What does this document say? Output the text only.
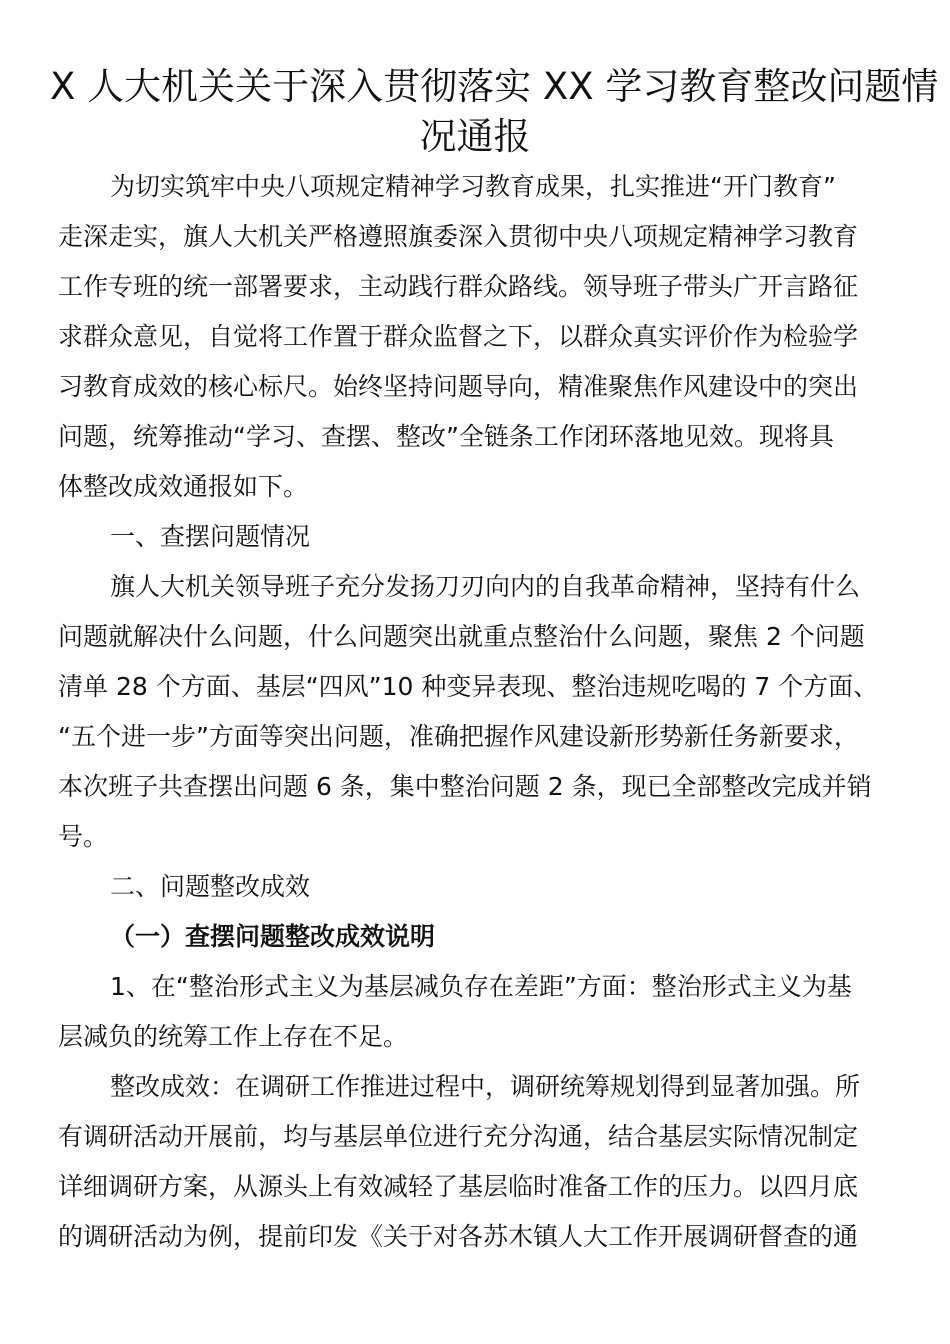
X 人大机关关于深入贯彻落实 XX 学习教育整改问题情
况通报
为切实筑牢中央八项规定精神学习教育成果，扎实推进“开门教育”
走深走实，旗人大机关严格遵照旗委深入贯彻中央八项规定精神学习教育
工作专班的统一部署要求，主动践行群众路线。领导班子带头广开言路征
求群众意见，自觉将工作置于群众监督之下，以群众真实评价作为检验学
习教育成效的核心标尺。始终坚持问题导向，精准聚焦作风建设中的突出
问题，统筹推动“学习、查摆、整改”全链条工作闭环落地见效。现将具
体整改成效通报如下。
一、查摆问题情况
旗人大机关领导班子充分发扬刀刃向内的自我革命精神，坚持有什么
问题就解决什么问题，什么问题突出就重点整治什么问题，聚焦 2 个问题
清单 28 个方面、基层“四风”10 种变异表现、整治违规吃喝的 7 个方面、
“五个进一步”方面等突出问题，准确把握作风建设新形势新任务新要求，
本次班子共查摆出问题 6 条，集中整治问题 2 条，现已全部整改完成并销
号。
二、问题整改成效
（一）查摆问题整改成效说明
1、在“整治形式主义为基层减负存在差距”方面：整治形式主义为基
层减负的统筹工作上存在不足。
整改成效：在调研工作推进过程中，调研统筹规划得到显著加强。所
有调研活动开展前，均与基层单位进行充分沟通，结合基层实际情况制定
详细调研方案，从源头上有效减轻了基层临时准备工作的压力。以四月底
的调研活动为例，提前印发《关于对各苏木镇人大工作开展调研督查的通
